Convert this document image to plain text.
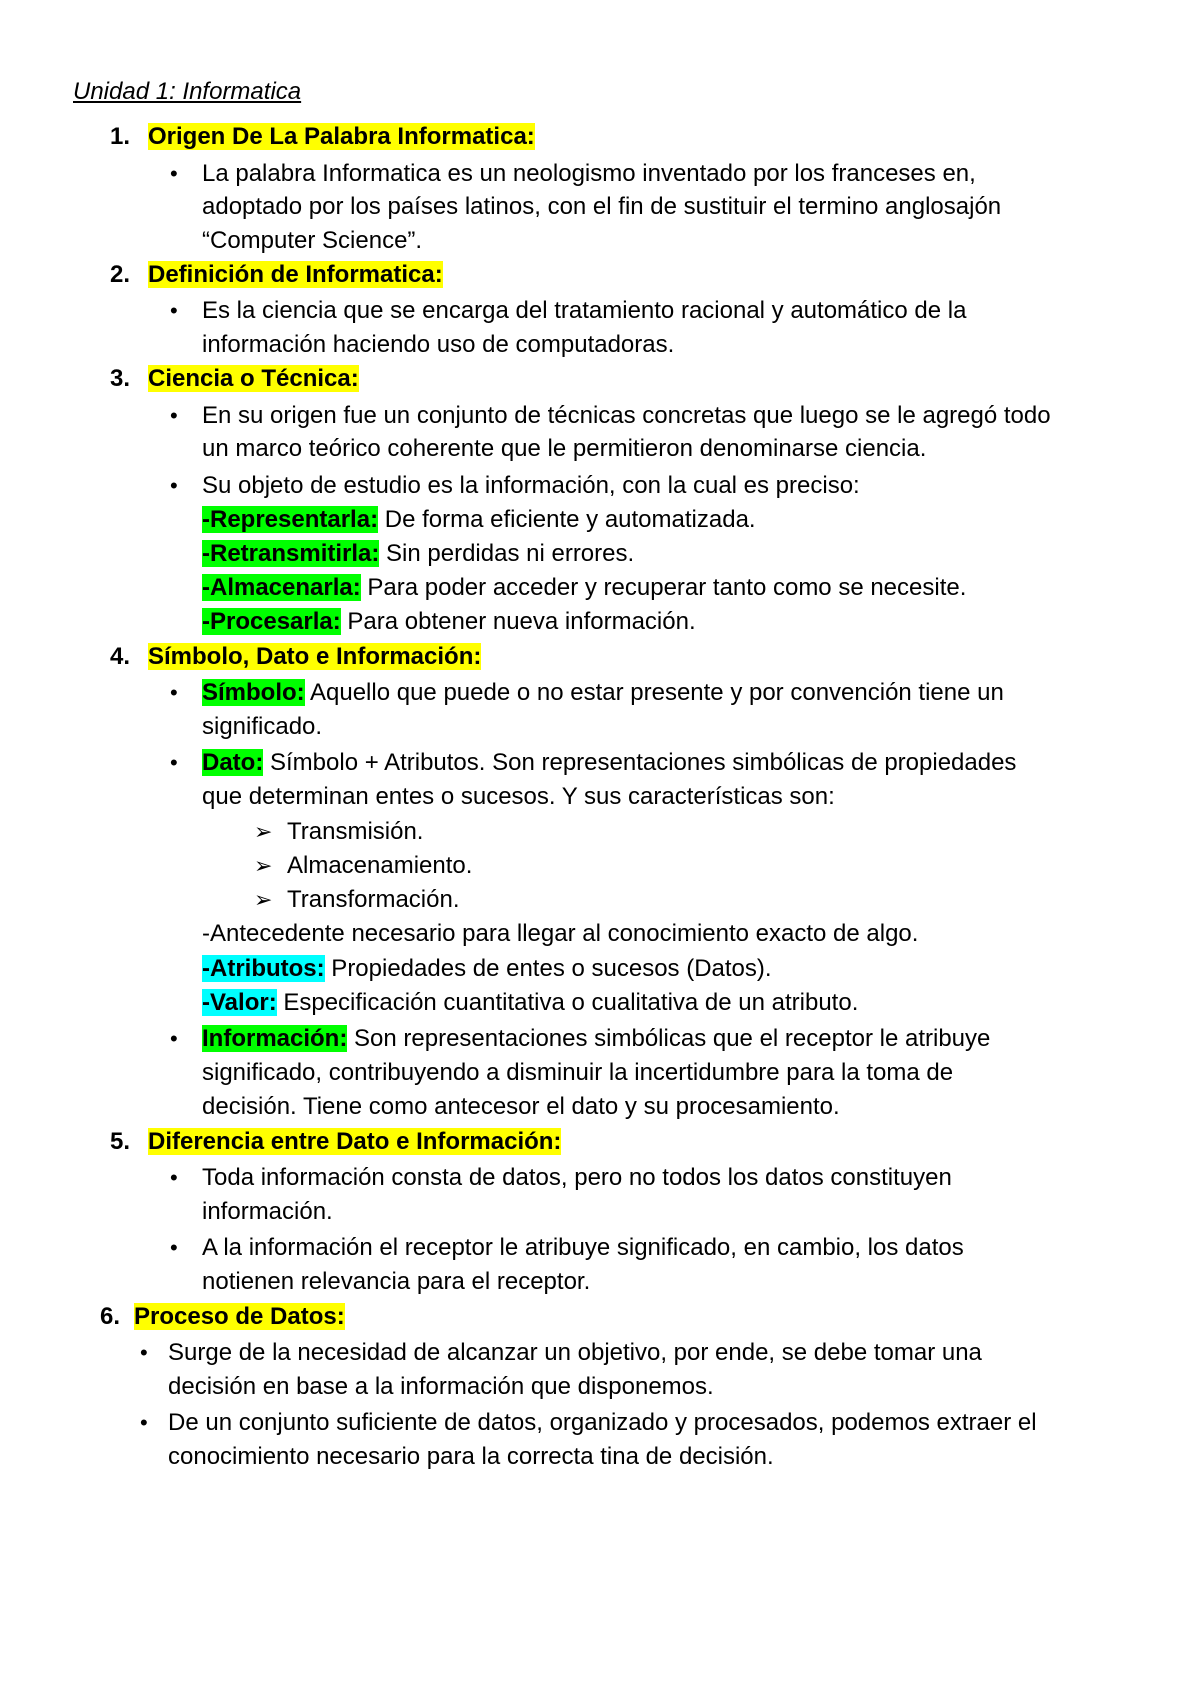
Unidad 1: Informatica
1. Origen De La Palabra Informatica:
• La palabra Informatica es un neologismo inventado por los franceses en,
adoptado por los países latinos, con el fin de sustituir el termino anglosajón
“Computer Science”.
2. Definición de Informatica:
• Es la ciencia que se encarga del tratamiento racional y automático de la
información haciendo uso de computadoras.
3. Ciencia o Técnica:
• En su origen fue un conjunto de técnicas concretas que luego se le agregó todo
un marco teórico coherente que le permitieron denominarse ciencia.
• Su objeto de estudio es la información, con la cual es preciso:
-Representarla: De forma eficiente y automatizada.
-Retransmitirla: Sin perdidas ni errores.
-Almacenarla: Para poder acceder y recuperar tanto como se necesite.
-Procesarla: Para obtener nueva información.
4. Símbolo, Dato e Información:
• Símbolo: Aquello que puede o no estar presente y por convención tiene un
significado.
• Dato: Símbolo + Atributos. Son representaciones simbólicas de propiedades
que determinan entes o sucesos. Y sus características son:
➢ Transmisión.
➢ Almacenamiento.
➢ Transformación.
-Antecedente necesario para llegar al conocimiento exacto de algo.
-Atributos: Propiedades de entes o sucesos (Datos).
-Valor: Especificación cuantitativa o cualitativa de un atributo.
• Información: Son representaciones simbólicas que el receptor le atribuye
significado, contribuyendo a disminuir la incertidumbre para la toma de
decisión. Tiene como antecesor el dato y su procesamiento.
5. Diferencia entre Dato e Información:
• Toda información consta de datos, pero no todos los datos constituyen
información.
• A la información el receptor le atribuye significado, en cambio, los datos
notienen relevancia para el receptor.
6. Proceso de Datos:
• Surge de la necesidad de alcanzar un objetivo, por ende, se debe tomar una
decisión en base a la información que disponemos.
• De un conjunto suficiente de datos, organizado y procesados, podemos extraer el
conocimiento necesario para la correcta tina de decisión.
